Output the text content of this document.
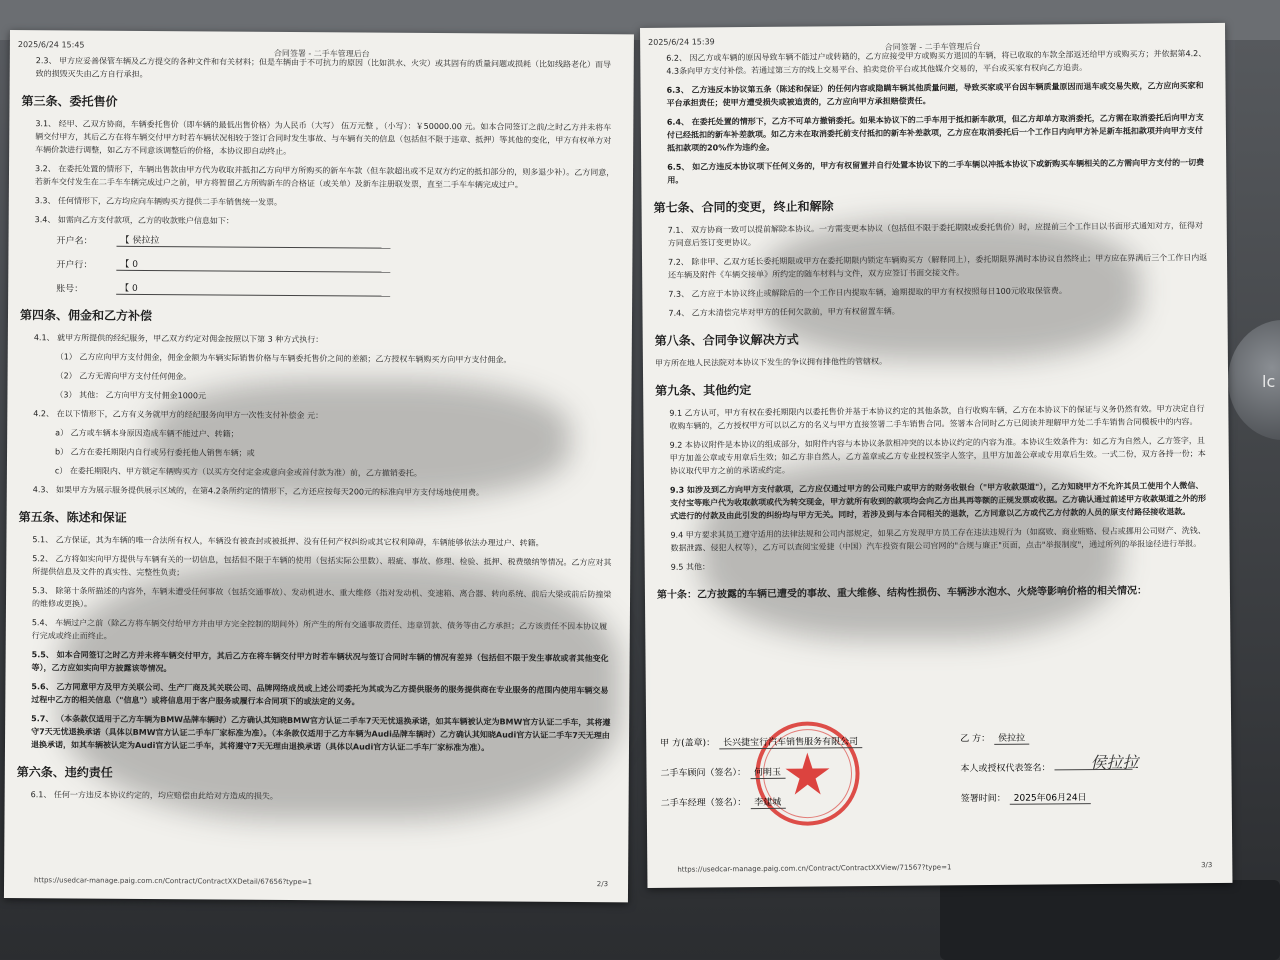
lc
2025/6/24 15:45
合同签署 - 二手车管理后台

2.3、 甲方应妥善保管车辆及乙方提交的各种文件和有关材料；但是车辆由于不可抗力的原因（比如洪水、火灾）或其固有的质量问题或损耗（比如线路老化）而导致的损毁灭失由乙方自行承担。

第三条、委托售价

3.1、 经甲、乙双方协商，车辆委托售价（即车辆的最低出售价格）为人民币（大写） 伍万元整 ，（小写）：￥50000.00 元。如本合同签订之前/之时乙方并未将车辆交付甲方，其后乙方在将车辆交付甲方时若车辆状况相较于签订合同时发生事故、与车辆有关的信息（包括但不限于违章、抵押）等其他的变化，甲方有权单方对车辆价款进行调整，如乙方不同意该调整后的价格，本协议即自动终止。

3.2、 在委托处置的情形下，车辆出售款由甲方代为收取并抵扣乙方向甲方所购买的新车车款（但车款超出或不足双方约定的抵扣部分的，则多退少补）。乙方同意，若新车交付发生在二手车车辆完成过户之前，甲方将暂留乙方所购新车的合格证（或关单）及新车注册联发票，直至二手车车辆完成过户。

3.3、 任何情形下，乙方均应向车辆购买方提供二手车销售统一发票。

3.4、 如需向乙方支付款项，乙方的收款账户信息如下：

开户名：	【 侯拉拉
开户行：	【 0
账号：	【 0
第四条、佣金和乙方补偿

4.1、 就甲方所提供的经纪服务，甲乙双方约定对佣金按照以下第 3 种方式执行：

（1） 乙方应向甲方支付佣金，佣金金额为车辆实际销售价格与车辆委托售价之间的差额；乙方授权车辆购买方向甲方支付佣金。

（2） 乙方无需向甲方支付任何佣金。

（3） 其他： 乙方向甲方支付佣金1000元

4.2、 在以下情形下，乙方有义务就甲方的经纪服务向甲方一次性支付补偿金 元：

a） 乙方或车辆本身原因造成车辆不能过户、转籍；

b） 乙方在委托期限内自行或另行委托他人销售车辆；或

c） 在委托期限内、甲方锁定车辆购买方（以买方交付定金或意向金或首付款为准）前，乙方撤销委托。

4.3、 如果甲方为展示服务提供展示区域的，在第4.2条所约定的情形下，乙方还应按每天200元的标准向甲方支付场地使用费。

第五条、陈述和保证

5.1、 乙方保证，其为车辆的唯一合法所有权人，车辆没有被查封或被抵押、没有任何产权纠纷或其它权利障碍，车辆能够依法办理过户、转籍。

5.2、 乙方将如实向甲方提供与车辆有关的一切信息，包括但不限于车辆的使用（包括实际公里数）、瑕疵、事故、修理、检验、抵押、税费缴纳等情况。乙方应对其所提供信息及文件的真实性、完整性负责；

5.3、 除第十条所描述的内容外，车辆未遭受任何事故（包括交通事故）、发动机进水、重大维修（指对发动机、变速箱、离合器、转向系统、前后大梁或前后防撞梁的维修或更换）。

5.4、 车辆过户之前（除乙方将车辆交付给甲方并由甲方完全控制的期间外）所产生的所有交通事故责任、违章罚款、债务等由乙方承担；乙方该责任不因本协议履行完成或终止而终止。

5.5、 如本合同签订之时乙方并未将车辆交付甲方，其后乙方在将车辆交付甲方时若车辆状况与签订合同时车辆的情况有差异（包括但不限于发生事故或者其他变化等），乙方应如实向甲方披露该等情况。

5.6、 乙方同意甲方及甲方关联公司、生产厂商及其关联公司、品牌网络成员或上述公司委托为其或为乙方提供服务的服务提供商在专业服务的范围内使用车辆交易过程中乙方的相关信息（"信息"）或将信息用于客户服务或履行本合同项下的或法定的义务。

5.7、 （本条款仅适用于乙方车辆为BMW品牌车辆时）乙方确认其知晓BMW官方认证二手车7天无忧退换承诺，如其车辆被认定为BMW官方认证二手车，其将遵守7天无忧退换承诺（具体以BMW官方认证二手车厂家标准为准）。（本条款仅适用于乙方车辆为Audi品牌车辆时）乙方确认其知晓Audi官方认证二手车7天无理由退换承诺，如其车辆被认定为Audi官方认证二手车，其将遵守7天无理由退换承诺（具体以Audi官方认证二手车厂家标准为准）。

第六条、违约责任

6.1、 任何一方违反本协议约定的，均应赔偿由此给对方造成的损失。

https://usedcar-manage.paig.com.cn/Contract/ContractXXDetail/67656?type=1	2/3
2025/6/24 15:39	合同签署 - 二手车管理后台

6.2、 因乙方或车辆的原因导致车辆不能过户或转籍的，乙方应接受甲方或购买方退回的车辆，将已收取的车款全部返还给甲方或购买方；并依据第4.2、4.3条向甲方支付补偿。若通过第三方的线上交易平台、拍卖竞价平台或其他媒介交易的，平台或买家有权向乙方追责。

6.3、 乙方违反本协议第五条（陈述和保证）的任何内容或隐瞒车辆其他质量问题，导致买家或平台因车辆质量原因而退车或交易失败，乙方应向买家和平台承担责任；使甲方遭受损失或被追责的，乙方应向甲方承担赔偿责任。

6.4、 在委托处置的情形下，乙方不可单方撤销委托。如果本协议下的二手车用于抵扣新车款项，但乙方却单方取消委托，乙方需在取消委托后向甲方支付已经抵扣的新车补差款项。如乙方未在取消委托前支付抵扣的新车补差款项，乙方应在取消委托后一个工作日内向甲方补足新车抵扣款项并向甲方支付抵扣款项的20%作为违约金。

6.5、 如乙方违反本协议项下任何义务的，甲方有权留置并自行处置本协议下的二手车辆以冲抵本协议下或新购买车辆相关的乙方需向甲方支付的一切费用。

第七条、合同的变更，终止和解除

7.1、 双方协商一致可以提前解除本协议。一方需变更本协议（包括但不限于委托期限或委托售价）时，应提前三个工作日以书面形式通知对方，征得对方同意后签订变更协议。

7.2、 除非甲、乙双方延长委托期限或甲方在委托期限内锁定车辆购买方（解释同上），委托期限界满时本协议自然终止；甲方应在界满后三个工作日内返还车辆及附件《车辆交接单》所约定的随车材料与文件，双方应签订书面交接文件。

7.3、 乙方应于本协议终止或解除后的一个工作日内提取车辆，逾期提取的甲方有权按照每日100元收取保管费。

7.4、 乙方未清偿完毕对甲方的任何欠款前，甲方有权留置车辆。

第八条、合同争议解决方式

甲方所在地人民法院对本协议下发生的争议拥有排他性的管辖权。

第九条、其他约定

9.1 乙方认可，甲方有权在委托期限内以委托售价并基于本协议约定的其他条款，自行收购车辆，乙方在本协议下的保证与义务仍然有效。甲方决定自行收购车辆的，乙方授权甲方可以以乙方的名义与甲方直接签署二手车销售合同。签署本合同时乙方已阅读并理解甲方处二手车销售合同模板中的内容。

9.2 本协议附件是本协议的组成部分，如附件内容与本协议条款相冲突的以本协议约定的内容为准。本协议生效条件为：如乙方为自然人，乙方签字，且甲方加盖公章或专用章后生效；如乙方非自然人，乙方盖章或乙方专业授权签字人签字，且甲方加盖公章或专用章后生效。一式二份，双方各持一份；本协议取代甲方之前的承诺或约定。

9.3 如涉及到乙方向甲方支付款项，乙方应仅通过甲方的公司账户或甲方的财务收银台（"甲方收款渠道"），乙方知晓甲方不允许其员工使用个人微信、支付宝等账户代为收取款项或代为转交现金，甲方就所有收到的款项均会向乙方出具再等额的正规发票或收据。乙方确认通过前述甲方收款渠道之外的形式进行的付款及由此引发的纠纷均与甲方无关。同时，若涉及到与本合同相关的退款，乙方同意以乙方或代乙方付款的人员的原支付路径接收退款。

9.4 甲方要求其员工遵守适用的法律法规和公司内部规定，如果乙方发现甲方员工存在违法违规行为（如腐败、商业贿赂、侵占或挪用公司财产、洗钱、数据泄露、侵犯人权等），乙方可以查阅宝爱捷（中国）汽车投资有限公司官网的"合规与廉正"页面，点击"举报制度"，通过所列的举报途径进行举报。

9.5 其他：

第十条：乙方披露的车辆已遭受的事故、重大维修、结构性损伤、车辆涉水泡水、火烧等影响价格的相关情况：
甲 方(盖章)： 长兴捷宝行汽车销售服务有限公司
二手车顾问（签名）： 何明玉
二手车经理（签名）： 李建城
乙 方： 侯拉拉
本人或授权代表签名： 侯拉拉
签署时间： 2025年06月24日
https://usedcar-manage.paig.com.cn/Contract/ContractXXView/71567?type=1	3/3
